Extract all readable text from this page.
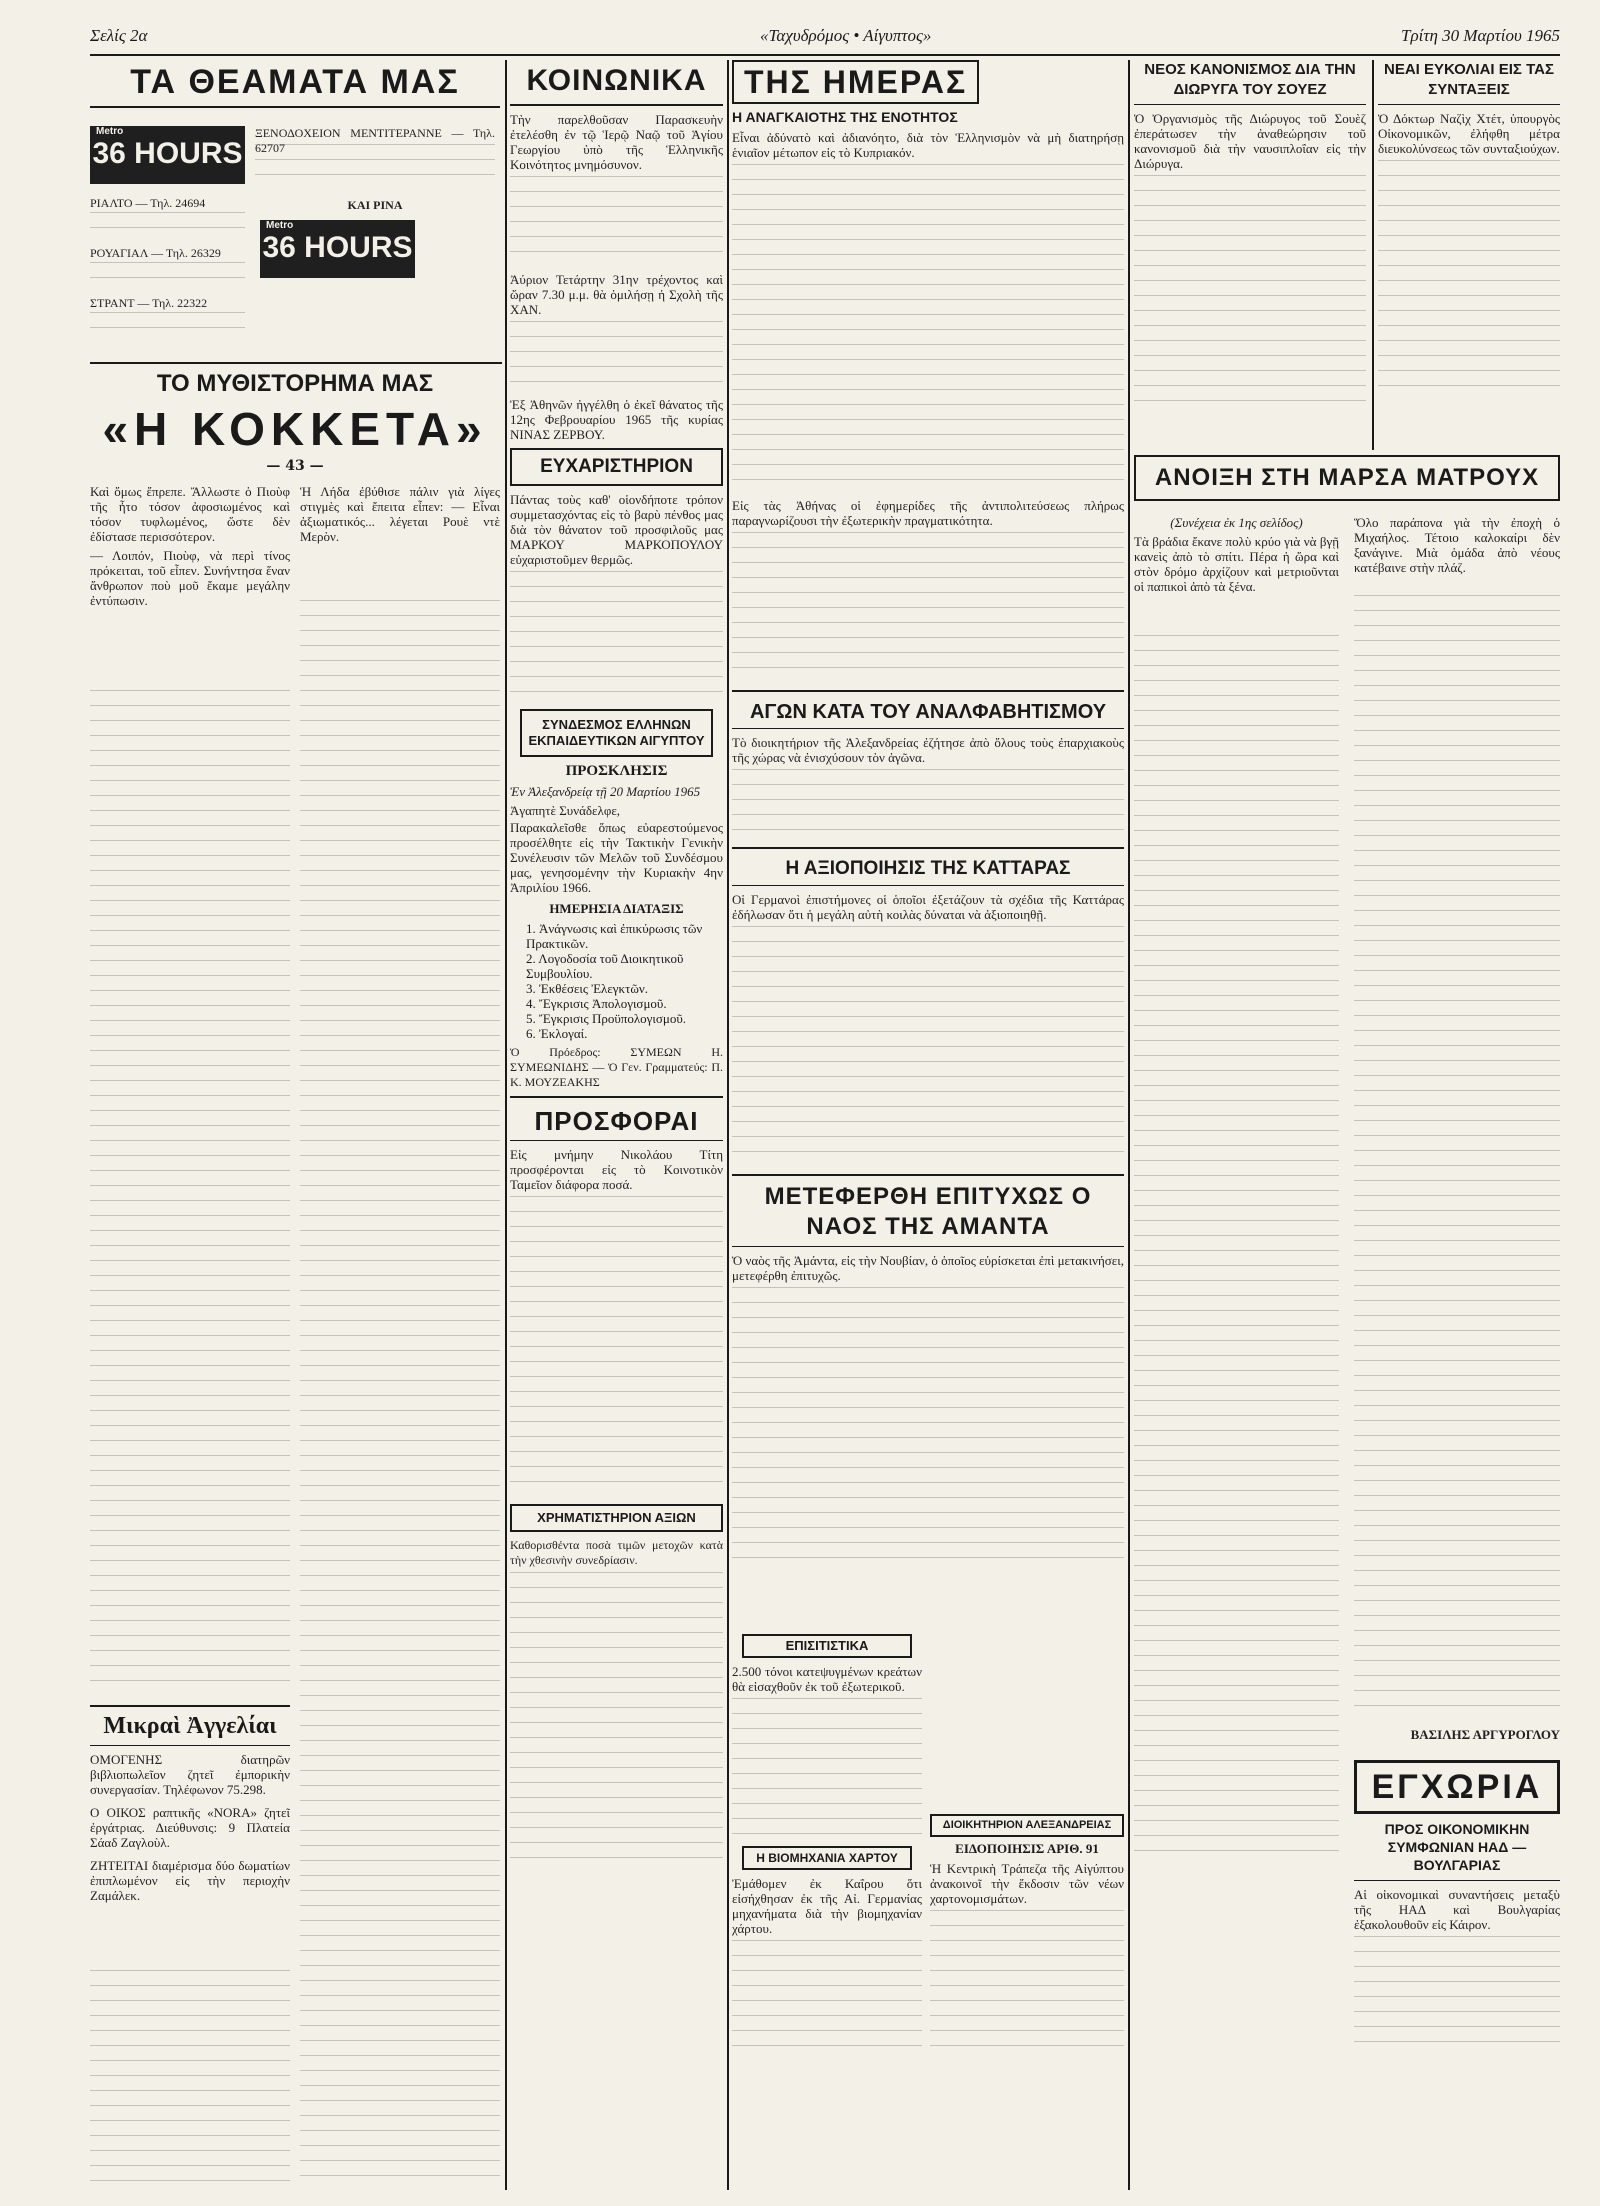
Σελίς 2α	«Ταχυδρόμος • Αίγυπτος»	Τρίτη 30 Μαρτίου 1965
ΤΑ ΘΕΑΜΑΤΑ ΜΑΣ
Metro
36 HOURS
ΞΕΝΟΔΟΧΕΙΟΝ ΜΕΝΤΙΤΕΡΑΝΝΕ — Τηλ. 62707
ΡΙΑΛΤΟ — Τηλ. 24694
ΡΟΥΑΓΙΑΛ — Τηλ. 26329
ΣΤΡΑΝΤ — Τηλ. 22322
ΚΑΙ ΡΙΝΑ
Metro
36 HOURS
ΤΟ ΜΥΘΙΣΤΟΡΗΜΑ ΜΑΣ
«Η ΚΟΚΚΕΤΑ»
— 43 —

Καὶ ὅμως ἔπρεπε. Ἄλλωστε ὁ Πιοὺφ τῆς ἦτο τόσον ἀφοσιωμένος καὶ τόσον τυφλωμένος, ὥστε δὲν ἐδίστασε περισσότερον.

— Λοιπόν, Πιοὺφ, νὰ περὶ τίνος πρόκειται, τοῦ εἶπεν. Συνήντησα ἕναν ἄνθρωπον ποὺ μοῦ ἔκαμε μεγάλην ἐντύπωσιν.

Ἡ Λήδα ἐβύθισε πάλιν γιὰ λίγες στιγμὲς καὶ ἔπειτα εἶπεν: — Εἶναι ἀξιωματικός... λέγεται Ρουὲ ντὲ Μερὸν.

Μικραὶ Ἀγγελίαι

ΟΜΟΓΕΝΗΣ διατηρῶν βιβλιοπωλεῖον ζητεῖ ἐμπορικὴν συνεργασίαν. Τηλέφωνον 75.298.

Ο ΟΙΚΟΣ ραπτικῆς «NORA» ζητεῖ ἐργάτριας. Διεύθυνσις: 9 Πλατεία Σάαδ Ζαγλοὺλ.

ΖΗΤΕΙΤΑΙ διαμέρισμα δύο δωματίων ἐπιπλωμένον εἰς τὴν περιοχὴν Ζαμάλεκ.

ΚΟΙΝΩΝΙΚΑ

Τὴν παρελθοῦσαν Παρασκευὴν ἐτελέσθη ἐν τῷ Ἱερῷ Ναῷ τοῦ Ἁγίου Γεωργίου ὑπὸ τῆς Ἑλληνικῆς Κοινότητος μνημόσυνον.

Ἀύριον Τετάρτην 31ην τρέχοντος καὶ ὥραν 7.30 μ.μ. θὰ ὁμιλήσῃ ἡ Σχολὴ τῆς ΧΑΝ.

Ἐξ Ἀθηνῶν ἠγγέλθη ὁ ἐκεῖ θάνατος τῆς 12ης Φεβρουαρίου 1965 τῆς κυρίας ΝΙΝΑΣ ΖΕΡΒΟΥ.

ΕΥΧΑΡΙΣΤΗΡΙΟΝ

Πάντας τοὺς καθ' οἱονδήποτε τρόπον συμμετασχόντας εἰς τὸ βαρὺ πένθος μας διὰ τὸν θάνατον τοῦ προσφιλοῦς μας ΜΑΡΚΟΥ ΜΑΡΚΟΠΟΥΛΟΥ εὐχαριστοῦμεν θερμῶς.

ΣΥΝΔΕΣΜΟΣ ΕΛΛΗΝΩΝ ΕΚΠΑΙΔΕΥΤΙΚΩΝ ΑΙΓΥΠΤΟΥ
ΠΡΟΣΚΛΗΣΙΣ

Ἐν Ἀλεξανδρείᾳ τῇ 20 Μαρτίου 1965

Ἀγαπητὲ Συνάδελφε,

Παρακαλεῖσθε ὅπως εὐαρεστούμενος προσέλθητε εἰς τὴν Τακτικὴν Γενικὴν Συνέλευσιν τῶν Μελῶν τοῦ Συνδέσμου μας, γενησομένην τὴν Κυριακὴν 4ην Ἀπριλίου 1966.

ΗΜΕΡΗΣΙΑ ΔΙΑΤΑΞΙΣ
1. Ἀνάγνωσις καὶ ἐπικύρωσις τῶν Πρακτικῶν.
2. Λογοδοσία τοῦ Διοικητικοῦ Συμβουλίου.
3. Ἐκθέσεις Ἐλεγκτῶν.
4. Ἔγκρισις Ἀπολογισμοῦ.
5. Ἔγκρισις Προϋπολογισμοῦ.
6. Ἐκλογαί.

Ὁ Πρόεδρος: ΣΥΜΕΩΝ Η. ΣΥΜΕΩΝΙΔΗΣ — Ὁ Γεν. Γραμματεύς: Π. Κ. ΜΟΥΖΕΑΚΗΣ

ΠΡΟΣΦΟΡΑΙ

Εἰς μνήμην Νικολάου Τίτη προσφέρονται εἰς τὸ Κοινοτικὸν Ταμεῖον διάφορα ποσά.

ΧΡΗΜΑΤΙΣΤΗΡΙΟΝ ΑΞΙΩΝ

Καθορισθέντα ποσὰ τιμῶν μετοχῶν κατὰ τὴν χθεσινὴν συνεδρίασιν.

ΤΗΣ ΗΜΕΡΑΣ
Η ΑΝΑΓΚΑΙΟΤΗΣ ΤΗΣ ΕΝΟΤΗΤΟΣ

Εἶναι ἀδύνατὸ καὶ ἀδιανόητο, διὰ τὸν Ἑλληνισμὸν νὰ μὴ διατηρήσῃ ἑνιαῖον μέτωπον εἰς τὸ Κυπριακόν.

Εἰς τὰς Ἀθήνας οἱ ἐφημερίδες τῆς ἀντιπολιτεύσεως πλήρως παραγνωρίζουσι τὴν ἐξωτερικὴν πραγματικότητα.

ΑΓΩΝ ΚΑΤΑ ΤΟΥ ΑΝΑΛΦΑΒΗΤΙΣΜΟΥ

Τὸ διοικητήριον τῆς Ἀλεξανδρείας ἐζήτησε ἀπὸ ὅλους τοὺς ἐπαρχιακοὺς τῆς χώρας νὰ ἐνισχύσουν τὸν ἀγῶνα.

Η ΑΞΙΟΠΟΙΗΣΙΣ ΤΗΣ ΚΑΤΤΑΡΑΣ

Οἱ Γερμανοὶ ἐπιστήμονες οἱ ὁποῖοι ἐξετάζουν τὰ σχέδια τῆς Καττάρας ἐδήλωσαν ὅτι ἡ μεγάλη αὐτὴ κοιλὰς δύναται νὰ ἀξιοποιηθῇ.

ΜΕΤΕΦΕΡΘΗ ΕΠΙΤΥΧΩΣ Ο ΝΑΟΣ ΤΗΣ ΑΜΑΝΤΑ

Ὁ ναὸς τῆς Ἀμάντα, εἰς τὴν Νουβίαν, ὁ ὁποῖος εὑρίσκεται ἐπὶ μετακινήσει, μετεφέρθη ἐπιτυχῶς.

ΕΠΙΣΙΤΙΣΤΙΚΑ

2.500 τόνοι κατεψυγμένων κρεάτων θὰ εἰσαχθοῦν ἐκ τοῦ ἐξωτερικοῦ.

Η ΒΙΟΜΗΧΑΝΙΑ ΧΑΡΤΟΥ

Ἐμάθομεν ἐκ Καΐρου ὅτι εἰσήχθησαν ἐκ τῆς Αἰ. Γερμανίας μηχανήματα διὰ τὴν βιομηχανίαν χάρτου.

ΔΙΟΙΚΗΤΗΡΙΟΝ ΑΛΕΞΑΝΔΡΕΙΑΣ
ΕΙΔΟΠΟΙΗΣΙΣ ΑΡΙΘ. 91

Ἡ Κεντρικὴ Τράπεζα τῆς Αἰγύπτου ἀνακοινοῖ τὴν ἔκδοσιν τῶν νέων χαρτονομισμάτων.

ΝΕΟΣ ΚΑΝΟΝΙΣΜΟΣ ΔΙΑ ΤΗΝ ΔΙΩΡΥΓΑ ΤΟΥ ΣΟΥΕΖ

Ὁ Ὀργανισμὸς τῆς Διώρυγος τοῦ Σουὲζ ἐπεράτωσεν τὴν ἀναθεώρησιν τοῦ κανονισμοῦ διὰ τὴν ναυσιπλοΐαν εἰς τὴν Διώρυγα.

ΝΕΑΙ ΕΥΚΟΛΙΑΙ ΕΙΣ ΤΑΣ ΣΥΝΤΑΞΕΙΣ

Ὁ Δόκτωρ Ναζὶχ Χτέτ, ὑπουργὸς Οἰκονομικῶν, ἐλήφθη μέτρα διευκολύνσεως τῶν συνταξιούχων.

ΑΝΟΙΞΗ ΣΤΗ ΜΑΡΣΑ ΜΑΤΡΟΥΧ

(Συνέχεια ἐκ 1ης σελίδος)

Τὰ βράδια ἔκανε πολὺ κρύο γιὰ νὰ βγῇ κανεὶς ἀπὸ τὸ σπίτι. Πέρα ἡ ὥρα καὶ στὸν δρόμο ἀρχίζουν καὶ μετριοῦνται οἱ παπικοὶ ἀπὸ τὰ ξένα.

Ὅλο παράπονα γιὰ τὴν ἐποχὴ ὁ Μιχαήλος. Τέτοιο καλοκαίρι δὲν ξανάγινε. Μιὰ ὁμάδα ἀπὸ νέους κατέβαινε στὴν πλάζ.

ΒΑΣΙΛΗΣ ΑΡΓΥΡΟΓΛΟΥ
ΕΓΧΩΡΙΑ
ΠΡΟΣ ΟΙΚΟΝΟΜΙΚΗΝ ΣΥΜΦΩΝΙΑΝ ΗΑΔ — ΒΟΥΛΓΑΡΙΑΣ

Αἱ οἰκονομικαὶ συναντήσεις μεταξὺ τῆς ΗΑΔ καὶ Βουλγαρίας ἐξακολουθοῦν εἰς Κάιρον.
